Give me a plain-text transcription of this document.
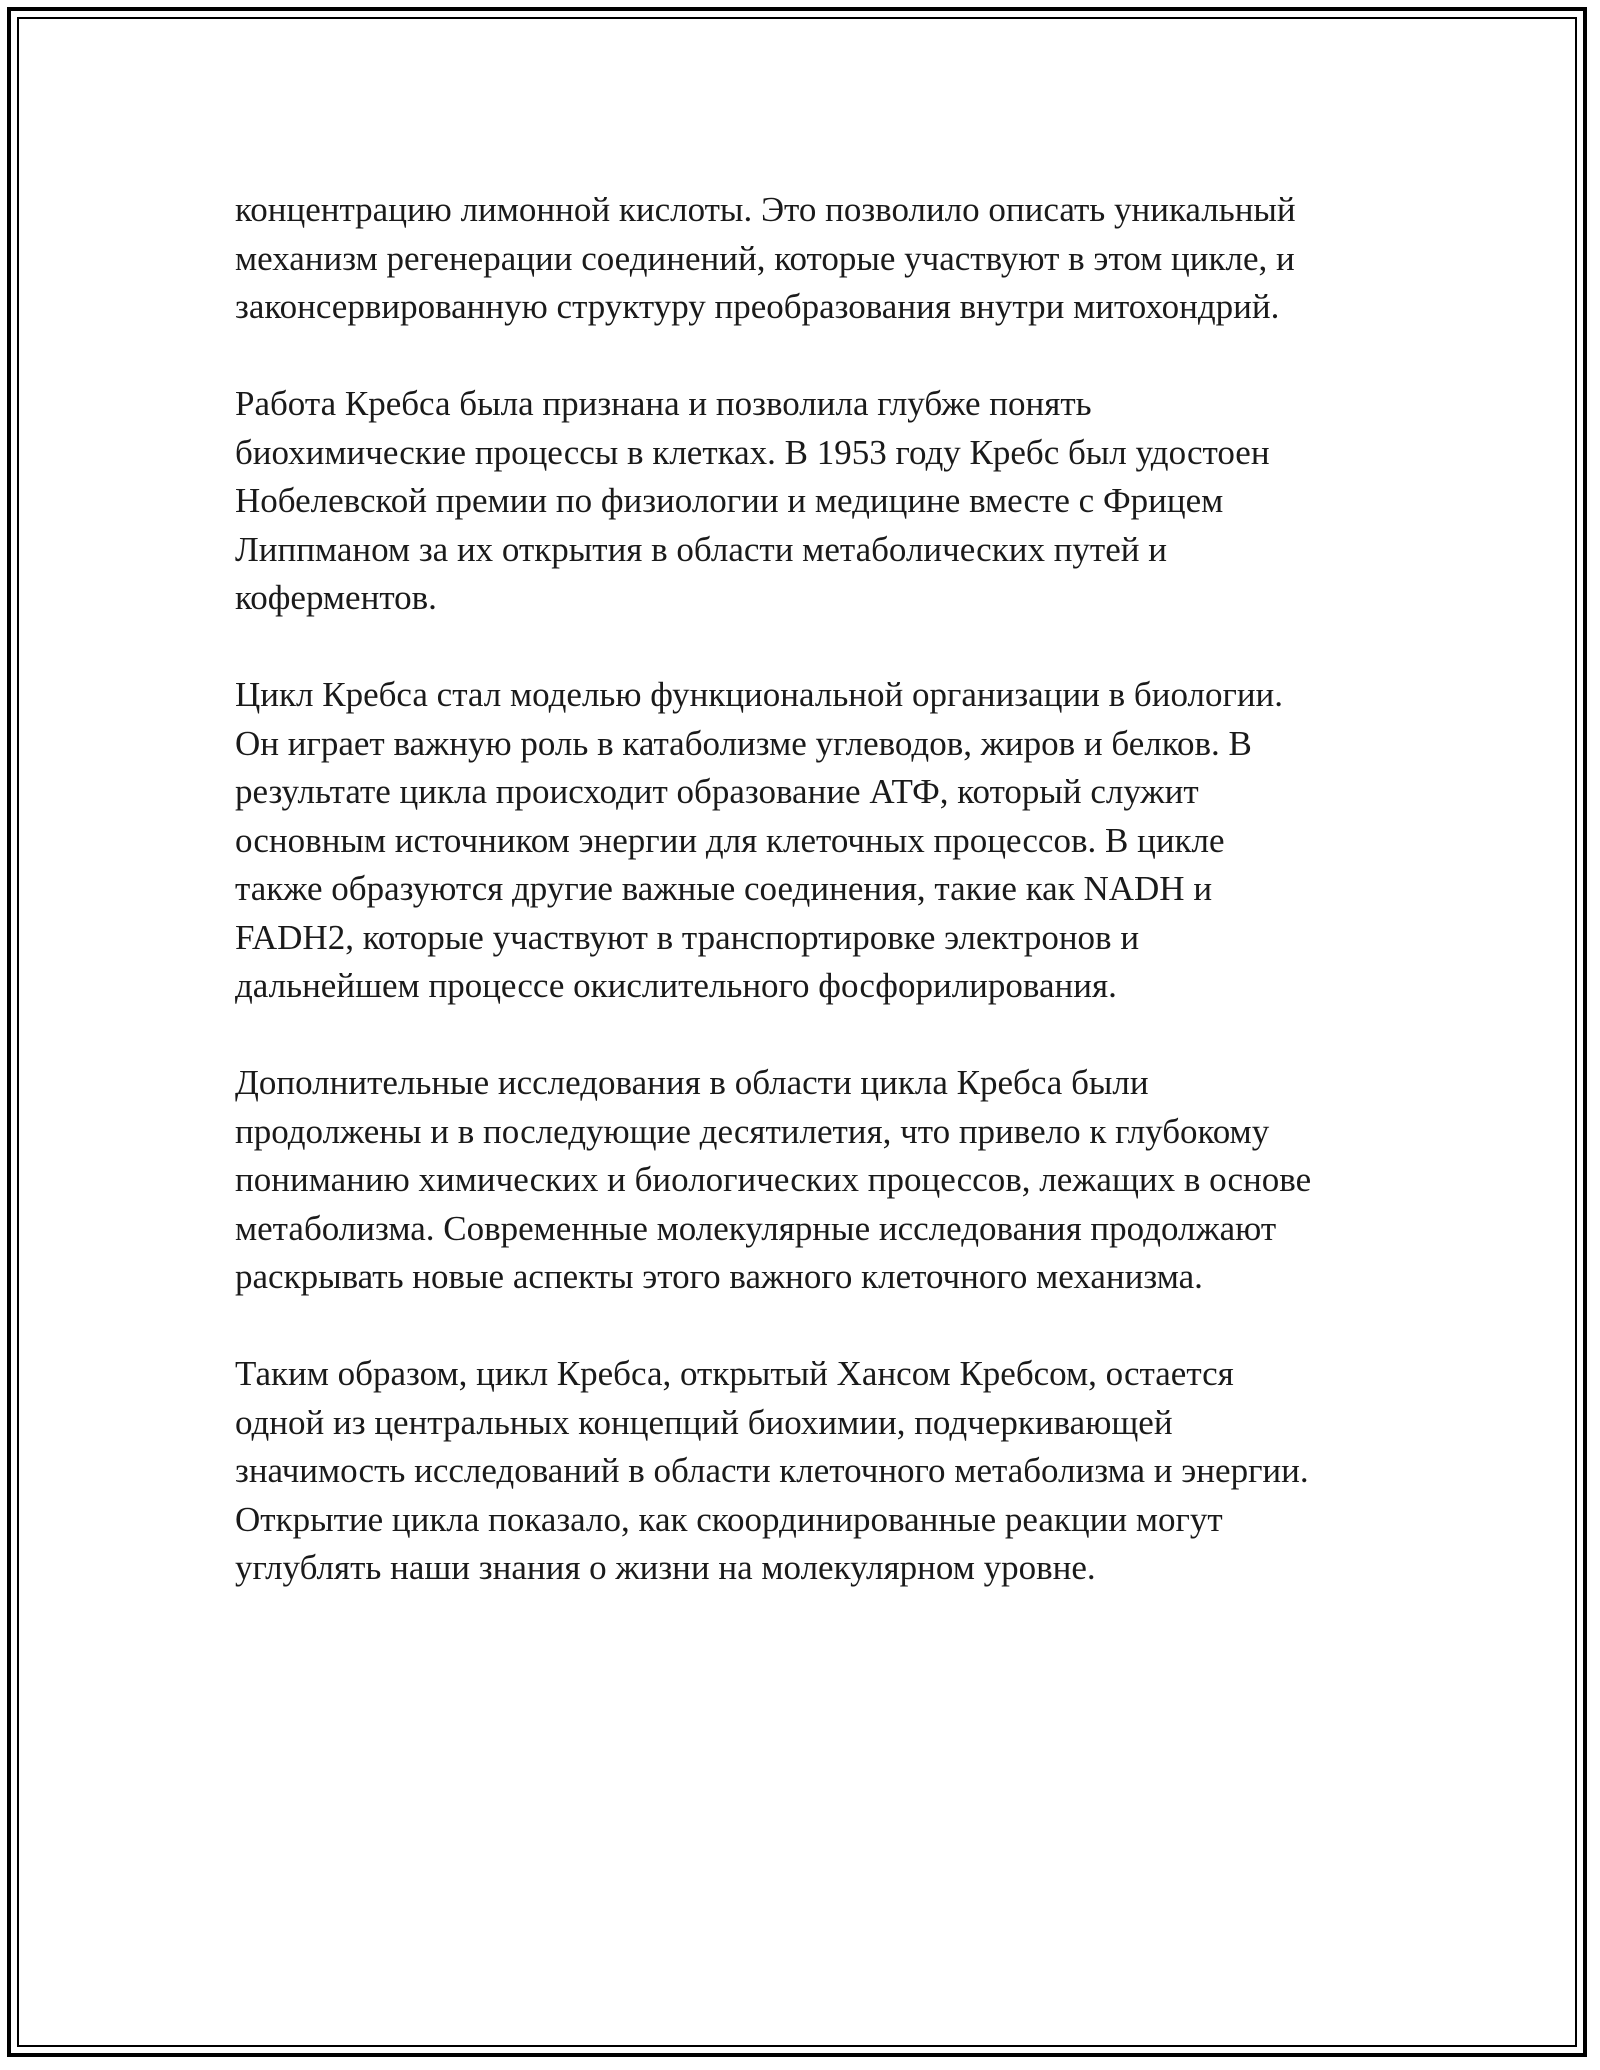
концентрацию лимонной кислоты. Это позволило описать уникальный
механизм регенерации соединений, которые участвуют в этом цикле, и
законсервированную структуру преобразования внутри митохондрий.

Работа Кребса была признана и позволила глубже понять
биохимические процессы в клетках. В 1953 году Кребс был удостоен
Нобелевской премии по физиологии и медицине вместе с Фрицем
Липпманом за их открытия в области метаболических путей и
коферментов.

Цикл Кребса стал моделью функциональной организации в биологии.
Он играет важную роль в катаболизме углеводов, жиров и белков. В
результате цикла происходит образование АТФ, который служит
основным источником энергии для клеточных процессов. В цикле
также образуются другие важные соединения, такие как NADH и
FADH2, которые участвуют в транспортировке электронов и
дальнейшем процессе окислительного фосфорилирования.

Дополнительные исследования в области цикла Кребса были
продолжены и в последующие десятилетия, что привело к глубокому
пониманию химических и биологических процессов, лежащих в основе
метаболизма. Современные молекулярные исследования продолжают
раскрывать новые аспекты этого важного клеточного механизма.

Таким образом, цикл Кребса, открытый Хансом Кребсом, остается
одной из центральных концепций биохимии, подчеркивающей
значимость исследований в области клеточного метаболизма и энергии.
Открытие цикла показало, как скоординированные реакции могут
углублять наши знания о жизни на молекулярном уровне.
